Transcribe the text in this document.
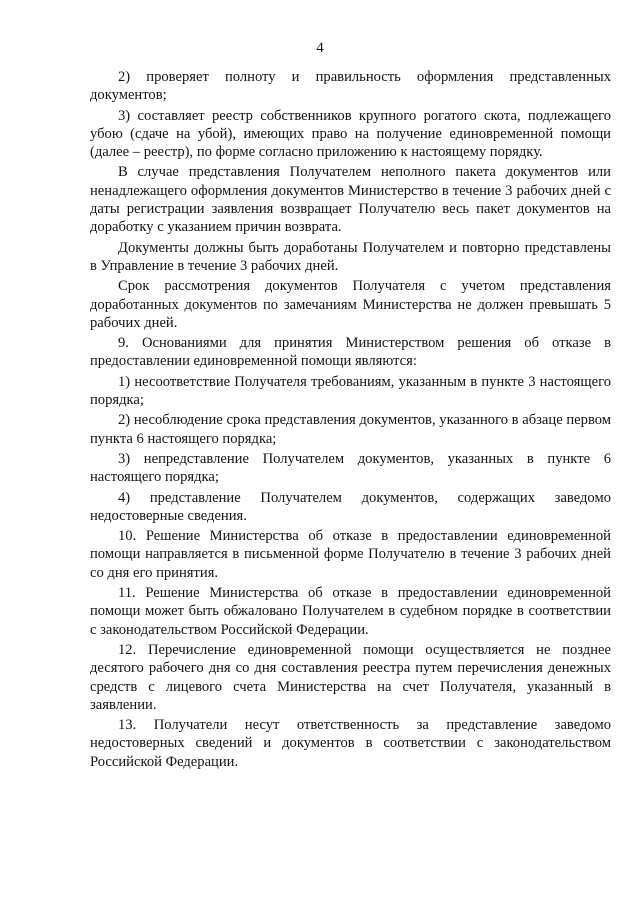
4

2) проверяет полноту и правильность оформления представленных документов;

3) составляет реестр собственников крупного рогатого скота, подлежащего убою (сдаче на убой), имеющих право на получение единовременной помощи (далее – реестр), по форме согласно приложению к настоящему порядку.

В случае представления Получателем неполного пакета документов или ненадлежащего оформления документов Министерство в течение 3 рабочих дней с даты регистрации заявления возвращает Получателю весь пакет документов на доработку с указанием причин возврата.

Документы должны быть доработаны Получателем и повторно представлены в Управление в течение 3 рабочих дней.

Срок рассмотрения документов Получателя с учетом представления доработанных документов по замечаниям Министерства не должен превышать 5 рабочих дней.

9. Основаниями для принятия Министерством решения об отказе в предоставлении единовременной помощи являются:

1) несоответствие Получателя требованиям, указанным в пункте 3 настоящего порядка;

2) несоблюдение срока представления документов, указанного в абзаце первом пункта 6 настоящего порядка;

3) непредставление Получателем документов, указанных в пункте 6 настоящего порядка;

4) представление Получателем документов, содержащих заведомо недостоверные сведения.

10. Решение Министерства об отказе в предоставлении единовременной помощи направляется в письменной форме Получателю в течение 3 рабочих дней со дня его принятия.

11. Решение Министерства об отказе в предоставлении единовременной помощи может быть обжаловано Получателем в судебном порядке в соответствии с законодательством Российской Федерации.

12. Перечисление единовременной помощи осуществляется не позднее десятого рабочего дня со дня составления реестра путем перечисления денежных средств с лицевого счета Министерства на счет Получателя, указанный в заявлении.

13. Получатели несут ответственность за представление заведомо недостоверных сведений и документов в соответствии с законодательством Российской Федерации.
